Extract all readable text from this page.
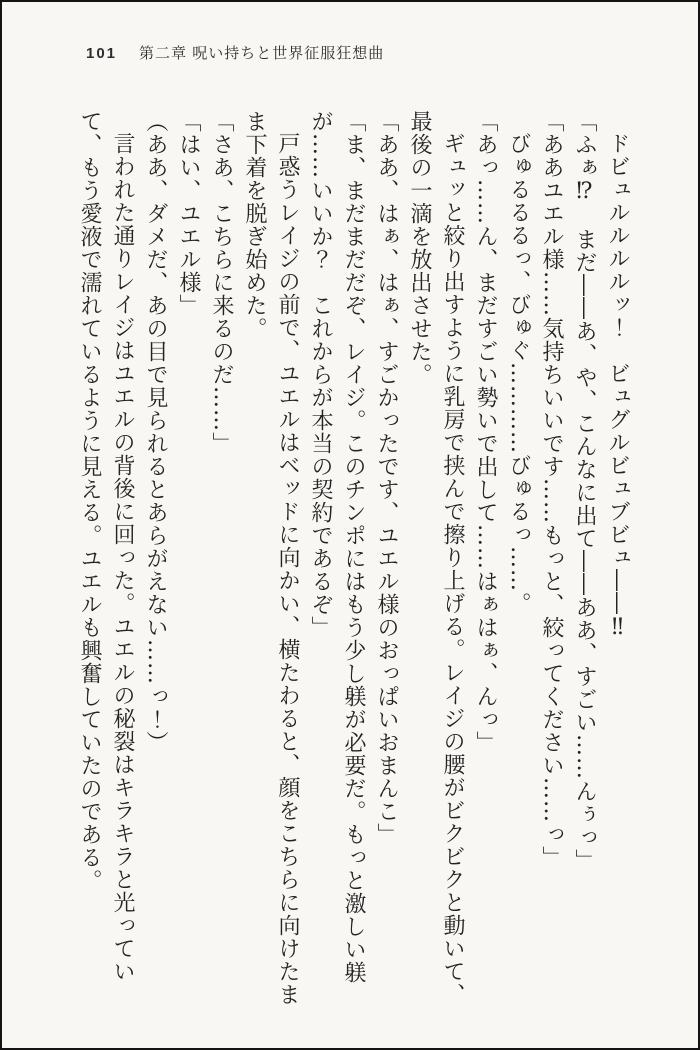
101 第二章 呪い持ちと世界征服狂想曲

ドビュルルルルッ！　ビュグルビュブビュ――‼

「ふぁ⁉　まだ――あ、や、こんなに出て――ああ、すごい……んぅっ」

「ああユエル様……気持ちいいです……もっと、絞ってください……っ」

びゅるるるっ、びゅぐ…………びゅるっ……。

「あっ……ん、まだすごい勢いで出して……はぁはぁ、んっ」

ギュッと絞り出すように乳房で挟んで擦り上げる。レイジの腰がビクビクと動いて、最後の一滴を放出させた。

「ああ、はぁ、はぁ、すごかったです、ユエル様のおっぱいおまんこ」

「ま、まだまだだぞ、レイジ。このチンポにはもう少し躾が必要だ。もっと激しい躾が……いいか？　これからが本当の契約であるぞ」

戸惑うレイジの前で、ユエルはベッドに向かい、横たわると、顔をこちらに向けたまま下着を脱ぎ始めた。

「さあ、こちらに来るのだ……」

「はい、ユエル様」

（ああ、ダメだ、あの目で見られるとあらがえない……っ！）

言われた通りレイジはユエルの背後に回った。ユエルの秘裂はキラキラと光っていて、もう愛液で濡れているように見える。ユエルも興奮していたのである。
